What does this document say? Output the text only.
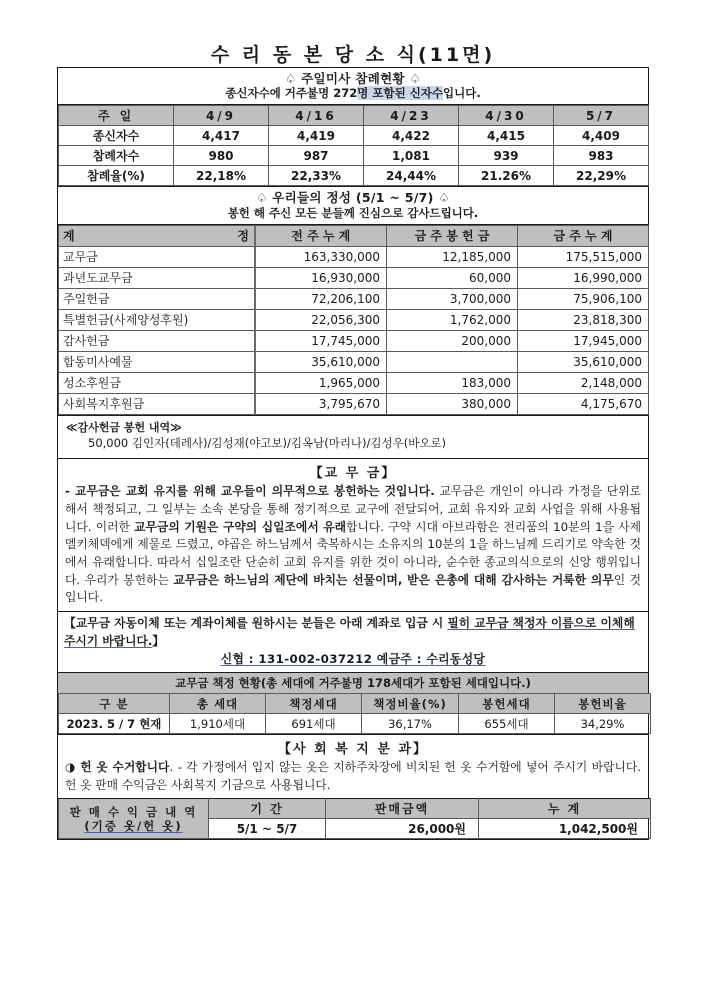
수 리 동 본 당 소 식(11면)
♤ 주일미사 참례현황 ♤
종신자수에 거주불명 272명 포함된 신자수입니다.
주 일	4/9	4/16	4/23	4/30	5/7
종신자수	4,417	4,419	4,422	4,415	4,409
참례자수	980	987	1,081	939	983
참례율(%)	22,18%	22,33%	24,44%	21.26%	22,29%
♤ 우리들의 정성 (5/1 ~ 5/7) ♤
봉헌 해 주신 모든 분들께 진심으로 감사드립니다.
계 정	전 주 누 계	금 주 봉 헌 금	금 주 누 계
교무금	163,330,000	12,185,000	175,515,000
과년도교무금	16,930,000	60,000	16,990,000
주일헌금	72,206,100	3,700,000	75,906,100
특별헌금(사제양성후원)	22,056,300	1,762,000	23,818,300
감사헌금	17,745,000	200,000	17,945,000
합동미사예물	35,610,000		35,610,000
성소후원금	1,965,000	183,000	2,148,000
사회복지후원금	3,795,670	380,000	4,175,670
≪감사헌금 봉헌 내역≫
50,000 김인자(데레사)/김성재(야고보)/김옥남(마리나)/김성우(바오로)
【교 무 금】
- 교무금은 교회 유지를 위해 교우들이 의무적으로 봉헌하는 것입니다. 교무금은 개인이 아니라 가정을 단위로 해서 책정되고, 그 일부는 소속 본당을 통해 정기적으로 교구에 전달되어, 교회 유지와 교회 사업을 위해 사용됩니다. 이러한 교무금의 기원은 구약의 십일조에서 유래합니다. 구약 시대 아브라함은 전리품의 10분의 1을 사제 멜키체덱에게 제물로 드렸고, 야곱은 하느님께서 축복하시는 소유지의 10분의 1을 하느님께 드리기로 약속한 것에서 유래합니다. 따라서 십일조란 단순히 교회 유지를 위한 것이 아니라, 순수한 종교의식으로의 신앙 행위입니다. 우리가 봉헌하는 교무금은 하느님의 제단에 바치는 선물이며, 받은 은총에 대해 감사하는 거룩한 의무인 것입니다.
【교무금 자동이체 또는 계좌이체를 원하시는 분들은 아래 계좌로 입금 시 필히 교무금 책정자 이름으로 이체해 주시기 바랍니다.】
신협 : 131-002-037212 예금주 : 수리동성당
교무금 책정 현황(총 세대에 거주불명 178세대가 포함된 세대입니다.)
구 분	총 세대	책정세대	책정비율(%)	봉헌세대	봉헌비율
2023. 5 / 7 현재	1,910세대	691세대	36,17%	655세대	34,29%
【사 회 복 지 분 과】
◑ 헌 옷 수거합니다. - 각 가정에서 입지 않는 옷은 지하주차장에 비치된 헌 옷 수거함에 넣어 주시기 바랍니다. 헌 옷 판매 수익금은 사회복지 기금으로 사용됩니다.
판 매 수 익 금 내 역
(기증 옷/헌 옷)	기 간	판매금액	누 계
	5/1 ~ 5/7	26,000원	1,042,500원
